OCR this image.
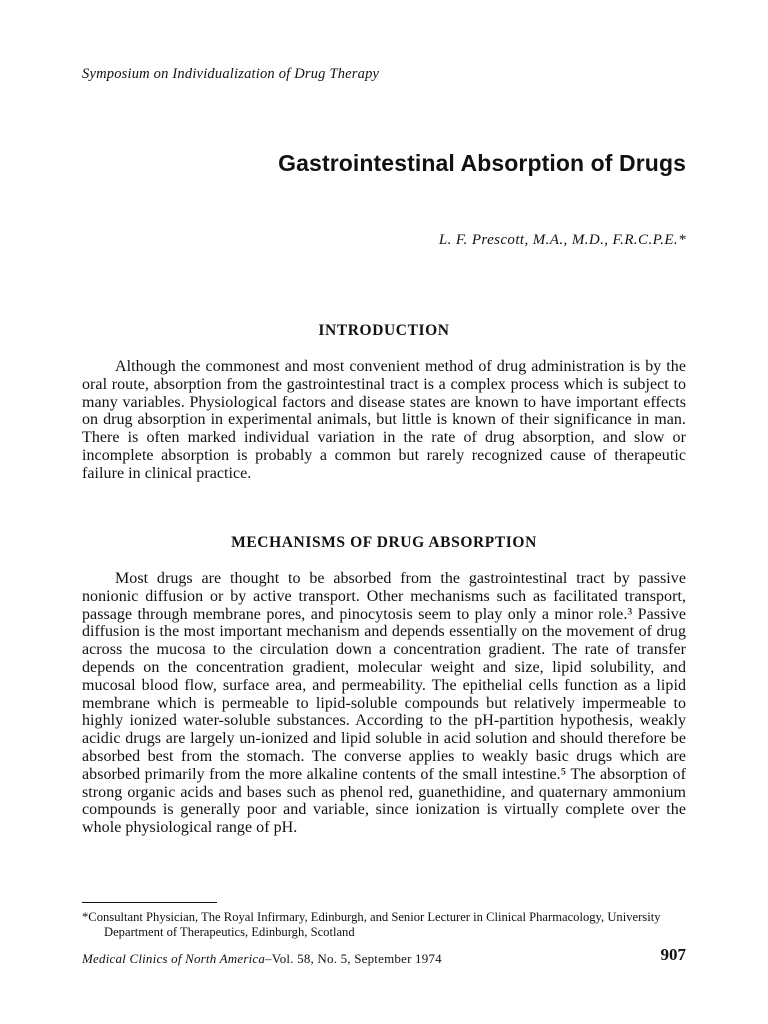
Symposium on Individualization of Drug Therapy
Gastrointestinal Absorption of Drugs
L. F. Prescott, M.A., M.D., F.R.C.P.E.*
INTRODUCTION

Although the commonest and most convenient method of drug administration is by the oral route, absorption from the gastrointestinal tract is a complex process which is subject to many variables. Physiological factors and disease states are known to have important effects on drug absorption in experimental animals, but little is known of their significance in man. There is often marked individual variation in the rate of drug absorption, and slow or incomplete absorption is probably a common but rarely recognized cause of therapeutic failure in clinical practice.

MECHANISMS OF DRUG ABSORPTION

Most drugs are thought to be absorbed from the gastrointestinal tract by passive nonionic diffusion or by active transport. Other mechanisms such as facilitated transport, passage through membrane pores, and pinocytosis seem to play only a minor role.³ Passive diffusion is the most important mechanism and depends essentially on the movement of drug across the mucosa to the circulation down a concentration gradient. The rate of transfer depends on the concentration gradient, molecular weight and size, lipid solubility, and mucosal blood flow, surface area, and permeability. The epithelial cells function as a lipid membrane which is permeable to lipid-soluble compounds but relatively impermeable to highly ionized water-soluble substances. According to the pH-partition hypothesis, weakly acidic drugs are largely un-ionized and lipid soluble in acid solution and should therefore be absorbed best from the stomach. The converse applies to weakly basic drugs which are absorbed primarily from the more alkaline contents of the small intestine.⁵ The absorption of strong organic acids and bases such as phenol red, guanethidine, and quaternary ammonium compounds is generally poor and variable, since ionization is virtually complete over the whole physiological range of pH.

*Consultant Physician, The Royal Infirmary, Edinburgh, and Senior Lecturer in Clinical Pharmacology, University Department of Therapeutics, Edinburgh, Scotland

Medical Clinics of North America–Vol. 58, No. 5, September 1974	907
